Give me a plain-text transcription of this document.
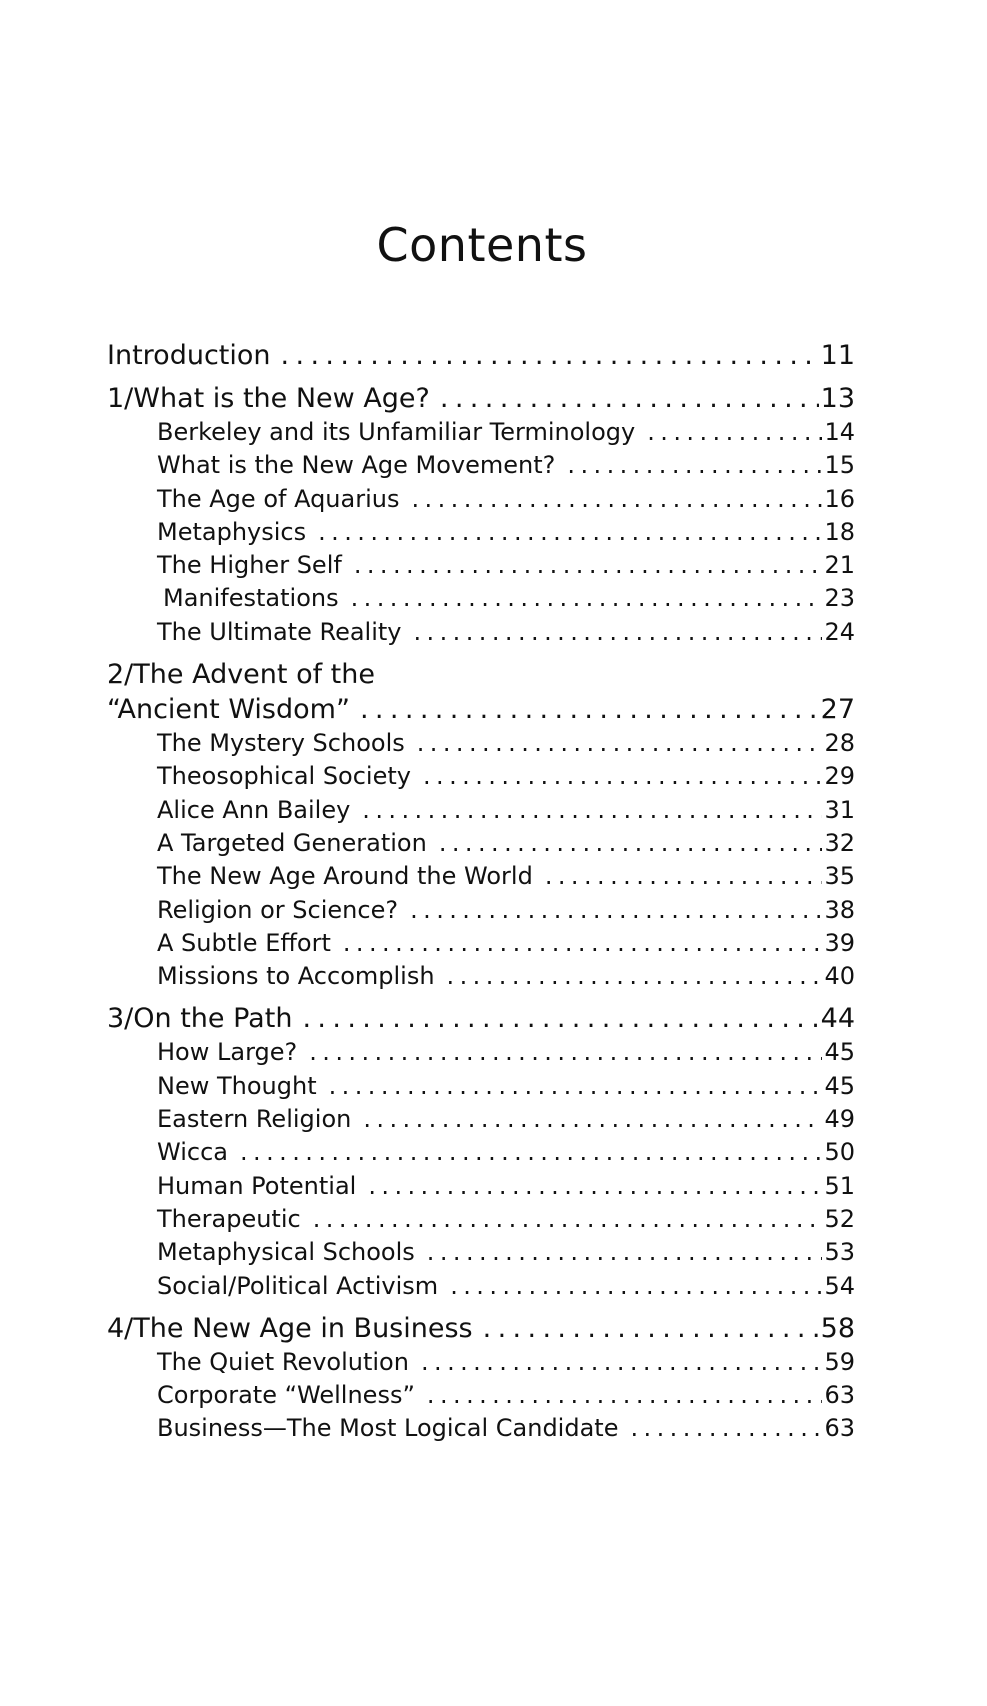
Contents
Introduction . . .	11
1/What is the New Age? . . .	13
Berkeley and its Unfamiliar Terminology . . .	14
What is the New Age Movement? . . .	15
The Age of Aquarius . . .	16
Metaphysics . . .	18
The Higher Self . . .	21
Manifestations . . .	23
The Ultimate Reality . . .	24
2/The Advent of the
“Ancient Wisdom” . . .	27
The Mystery Schools . . .	28
Theosophical Society . . .	29
Alice Ann Bailey . . .	31
A Targeted Generation . . .	32
The New Age Around the World . . .	35
Religion or Science? . . .	38
A Subtle Effort . . .	39
Missions to Accomplish . . .	40
3/On the Path . . .	44
How Large? . . .	45
New Thought . . .	45
Eastern Religion . . .	49
Wicca . . .	50
Human Potential . . .	51
Therapeutic . . .	52
Metaphysical Schools . . .	53
Social/Political Activism . . .	54
4/The New Age in Business . . .	58
The Quiet Revolution . . .	59
Corporate “Wellness” . . .	63
Business—The Most Logical Candidate . . .	63
